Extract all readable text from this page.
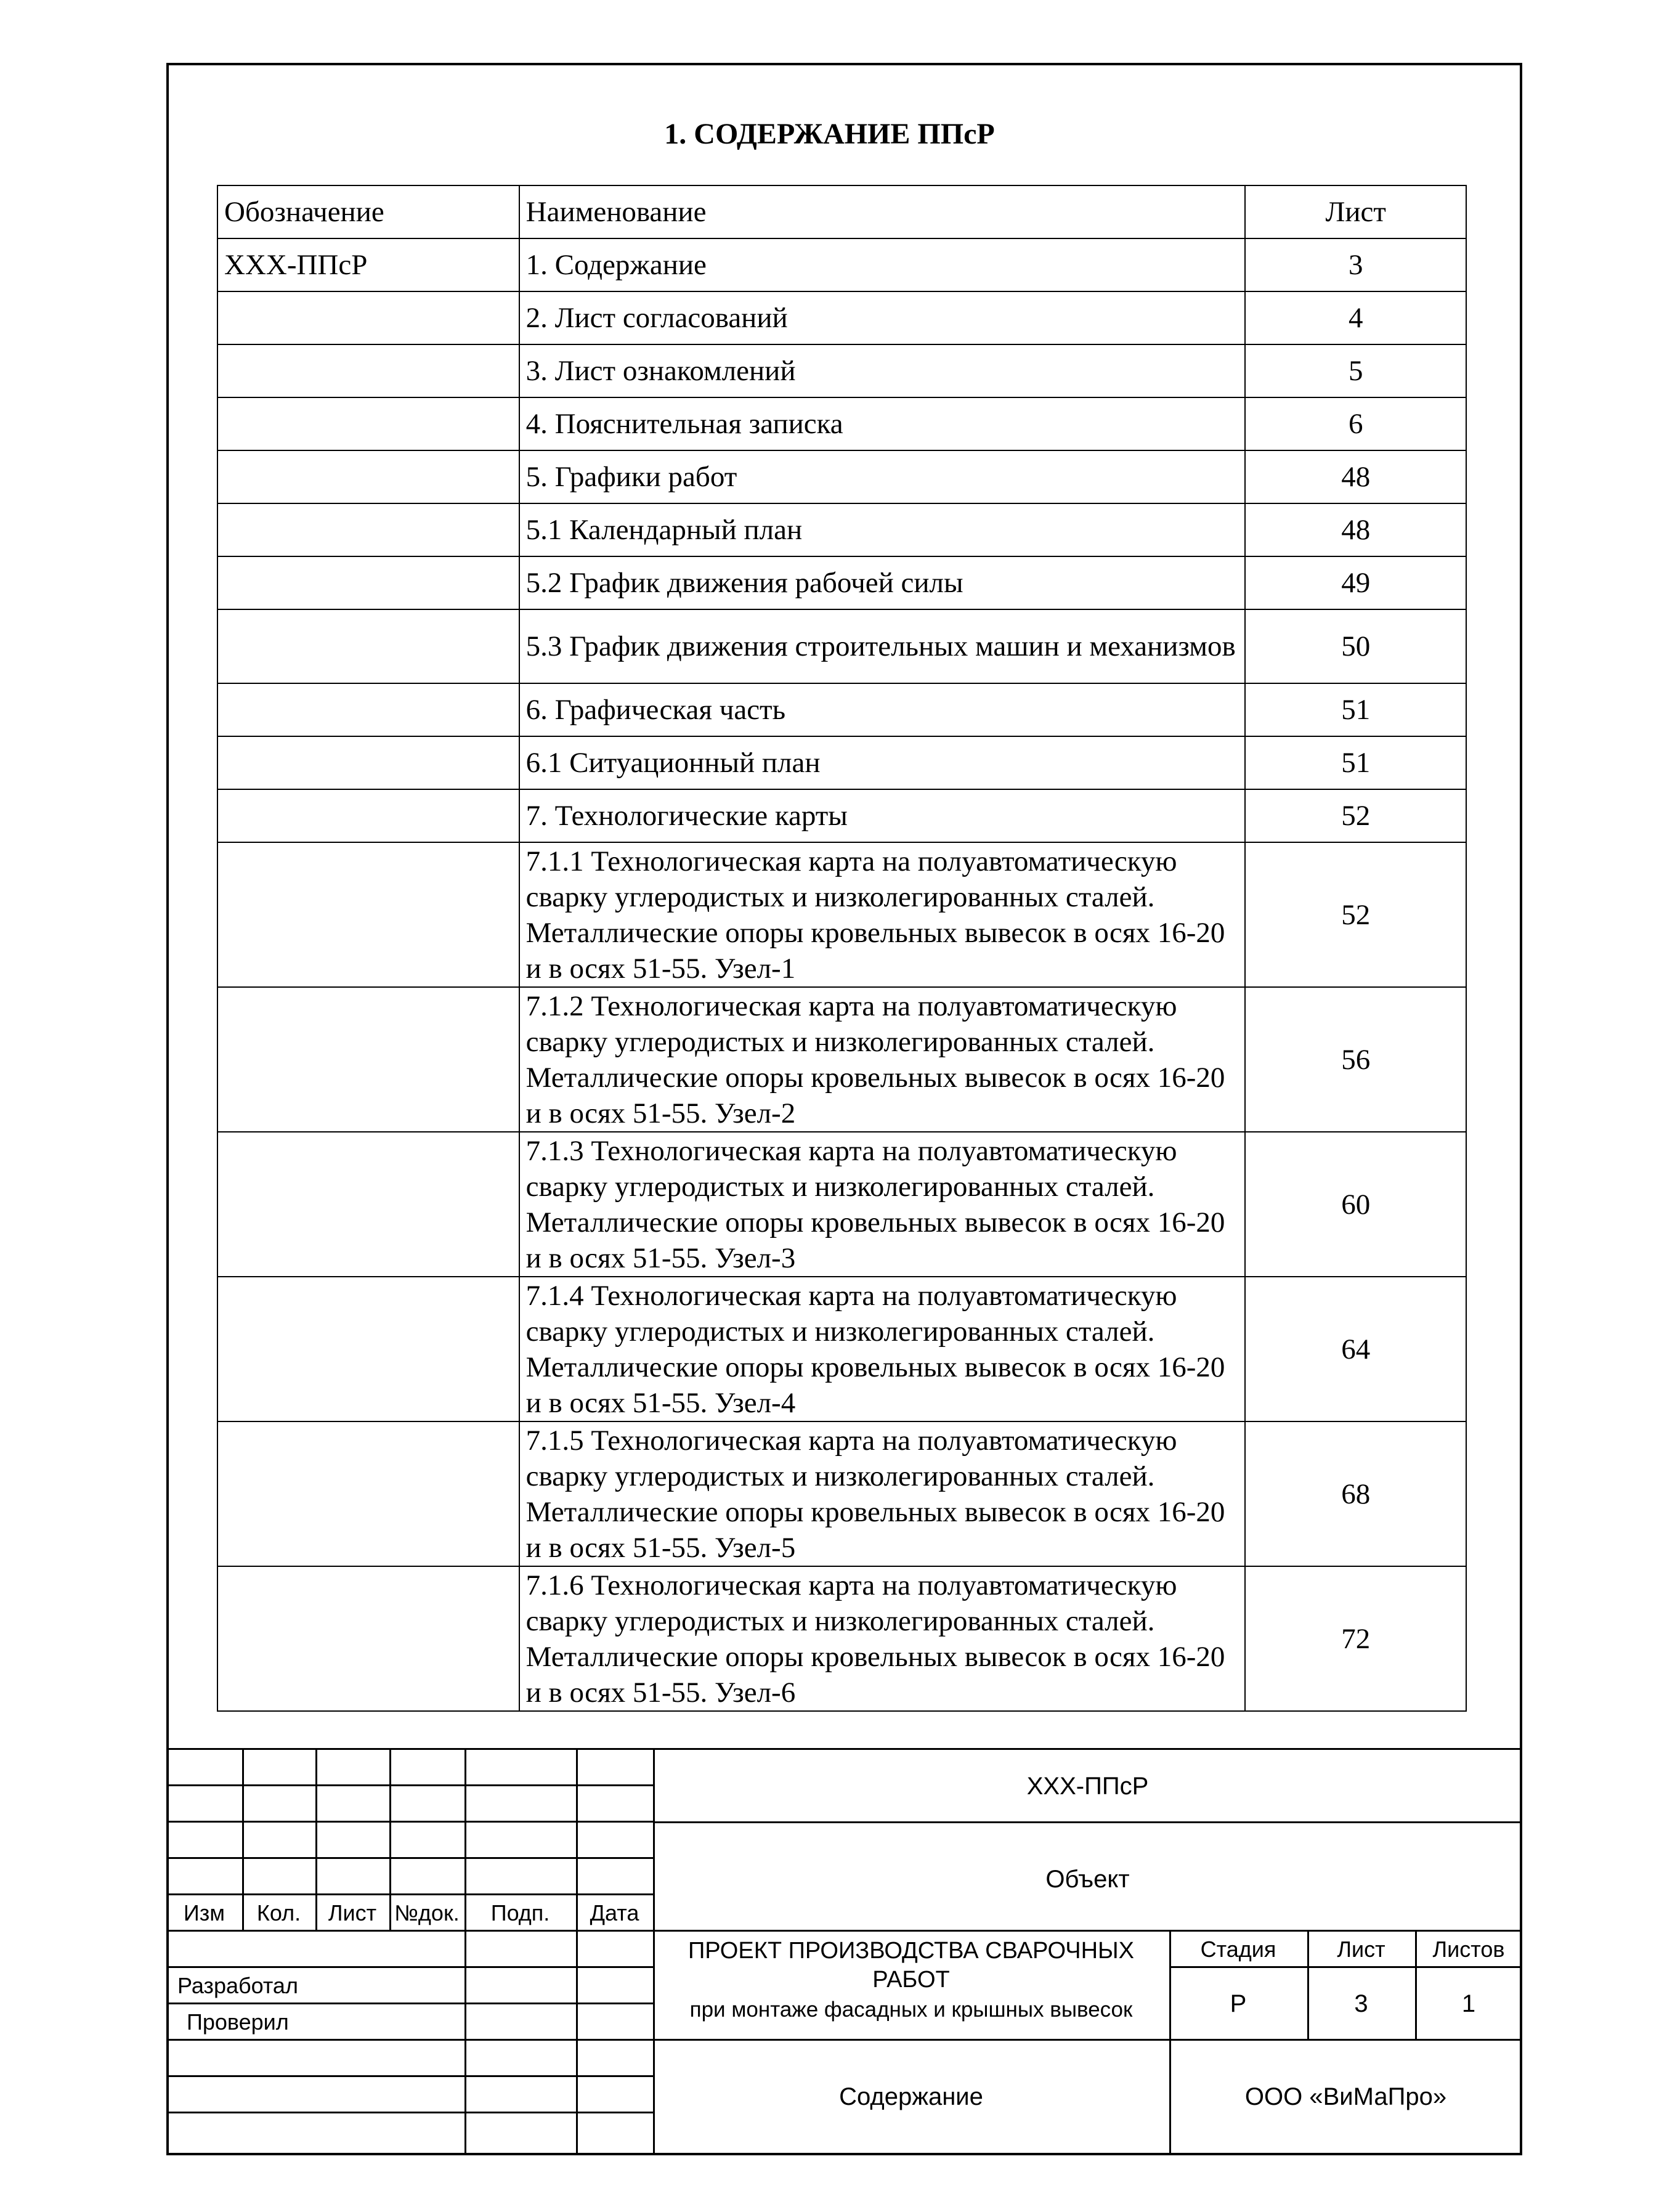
1. СОДЕРЖАНИЕ ППсР
Обозначение	Наименование	Лист
ХХХ-ППсР	1. Содержание	3
	2. Лист согласований	4
	3. Лист ознакомлений	5
	4. Пояснительная записка	6
	5. Графики работ	48
	5.1 Календарный план	48
	5.2 График движения рабочей силы	49
	5.3 График движения строительных машин и механизмов	50
	6. Графическая часть	51
	6.1 Ситуационный план	51
	7. Технологические карты	52
	7.1.1 Технологическая карта на полуавтоматическую сварку углеродистых и низколегированных сталей. Металлические опоры кровельных вывесок в осях 16-20 и в осях 51-55. Узел-1	52
	7.1.2 Технологическая карта на полуавтоматическую сварку углеродистых и низколегированных сталей. Металлические опоры кровельных вывесок в осях 16-20 и в осях 51-55. Узел-2	56
	7.1.3 Технологическая карта на полуавтоматическую сварку углеродистых и низколегированных сталей. Металлические опоры кровельных вывесок в осях 16-20 и в осях 51-55. Узел-3	60
	7.1.4 Технологическая карта на полуавтоматическую сварку углеродистых и низколегированных сталей. Металлические опоры кровельных вывесок в осях 16-20 и в осях 51-55. Узел-4	64
	7.1.5 Технологическая карта на полуавтоматическую сварку углеродистых и низколегированных сталей. Металлические опоры кровельных вывесок в осях 16-20 и в осях 51-55. Узел-5	68
	7.1.6 Технологическая карта на полуавтоматическую сварку углеродистых и низколегированных сталей. Металлические опоры кровельных вывесок в осях 16-20 и в осях 51-55. Узел-6	72
ХХХ-ППсР
Объект
Изм	Кол.	Лист №док.	Подп.	Дата
Разработал
Проверил
ПРОЕКТ ПРОИЗВОДСТВА СВАРОЧНЫХ
РАБОТ
при монтаже фасадных и крышных вывесок
Стадия	Лист	Листов
Р	3	1
Содержание	ООО «ВиМаПро»
